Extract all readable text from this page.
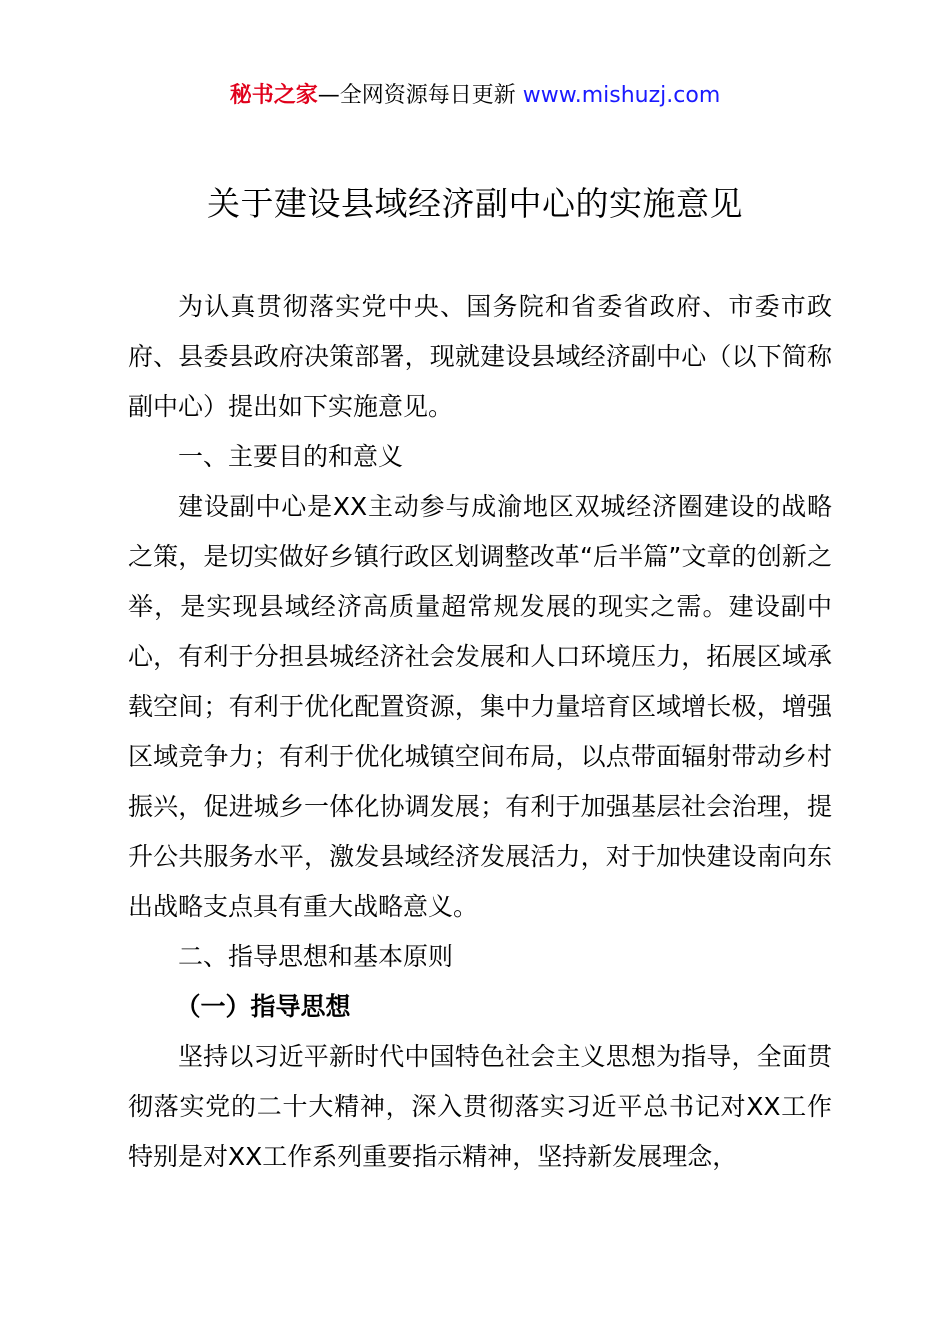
秘书之家—全网资源每日更新 www.mishuzj.com
关于建设县域经济副中心的实施意见

为认真贯彻落实党中央、国务院和省委省政府、市委市政府、县委县政府决策部署，现就建设县域经济副中心（以下简称副中心）提出如下实施意见。

一、主要目的和意义

建设副中心是XX主动参与成渝地区双城经济圈建设的战略之策，是切实做好乡镇行政区划调整改革“后半篇”文章的创新之举，是实现县域经济高质量超常规发展的现实之需。建设副中心，有利于分担县城经济社会发展和人口环境压力，拓展区域承载空间；有利于优化配置资源，集中力量培育区域增长极，增强区域竞争力；有利于优化城镇空间布局，以点带面辐射带动乡村振兴，促进城乡一体化协调发展；有利于加强基层社会治理，提升公共服务水平，激发县域经济发展活力，对于加快建设南向东出战略支点具有重大战略意义。

二、指导思想和基本原则

（一）指导思想

坚持以习近平新时代中国特色社会主义思想为指导，全面贯彻落实党的二十大精神，深入贯彻落实习近平总书记对XX工作特别是对XX工作系列重要指示精神，坚持新发展理念，
